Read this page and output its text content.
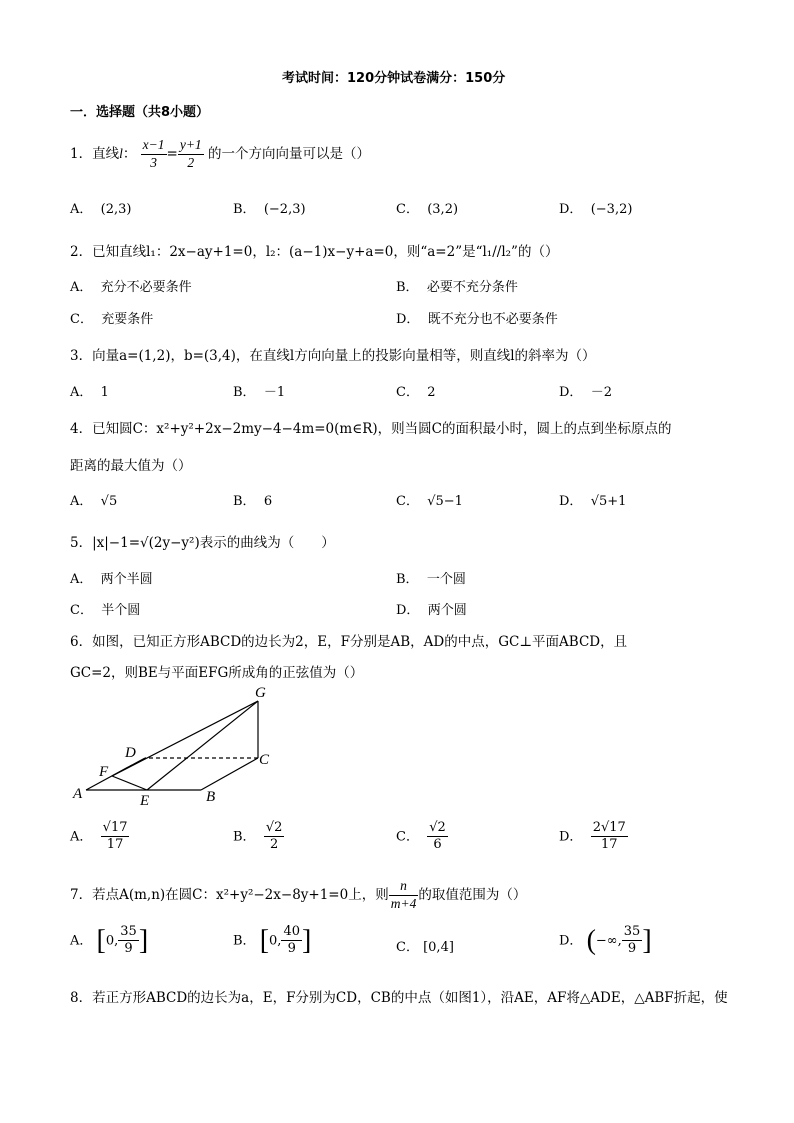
考试时间：120分钟试卷满分：150分
一．选择题（共8小题）
1．直线l： $\frac{x-1}{3} = \frac{y+1}{2}$ 的一个方向向量可以是（）
A． (2,3)	B． (−2,3)	C． (3,2)	D． (−3,2)
2．已知直线l₁：2x−ay+1=0，l₂：(a−1)x−y+a=0，则“a=2”是“l₁//l₂”的（）
A． 充分不必要条件	B． 必要不充分条件
C． 充要条件	D． 既不充分也不必要条件
3．向量a=(1,2)，b=(3,4)，在直线l方向向量上的投影向量相等，则直线l的斜率为（）
A． 1	B． －1	C． 2	D． －2
4．已知圆C：x²+y²+2x−2my−4−4m=0(m∈R)，则当圆C的面积最小时，圆上的点到坐标原点的
距离的最大值为（）
A． √5	B． 6	C． √5−1	D． √5+1
5．|x|−1=√(2y−y²)表示的曲线为（　　）
A． 两个半圆	B． 一个圆
C． 半个圆	D． 两个圆
6．如图，已知正方形ABCD的边长为2，E，F分别是AB，AD的中点，GC⊥平面ABCD，且
GC=2，则BE与平面EFG所成角的正弦值为（）
G
D	C
F
A	E	B
A． $\frac{√17}{17}$	B． $\frac{√2}{2}$	C． $\frac{√2}{6}$	D． $\frac{2√17}{17}$
7．若点A(m,n)在圆C：x²+y²−2x−8y+1=0上，则 $\frac{n}{m+4}$ 的取值范围为（）
A． [0, $\frac{35}{9}$ ]	B． [0, $\frac{40}{9}$ ]	C． [0,4]	D． (−∞, $\frac{35}{9}$ ]
8．若正方形ABCD的边长为a，E，F分别为CD，CB的中点（如图1），沿AE，AF将△ADE，△ABF折起，使
